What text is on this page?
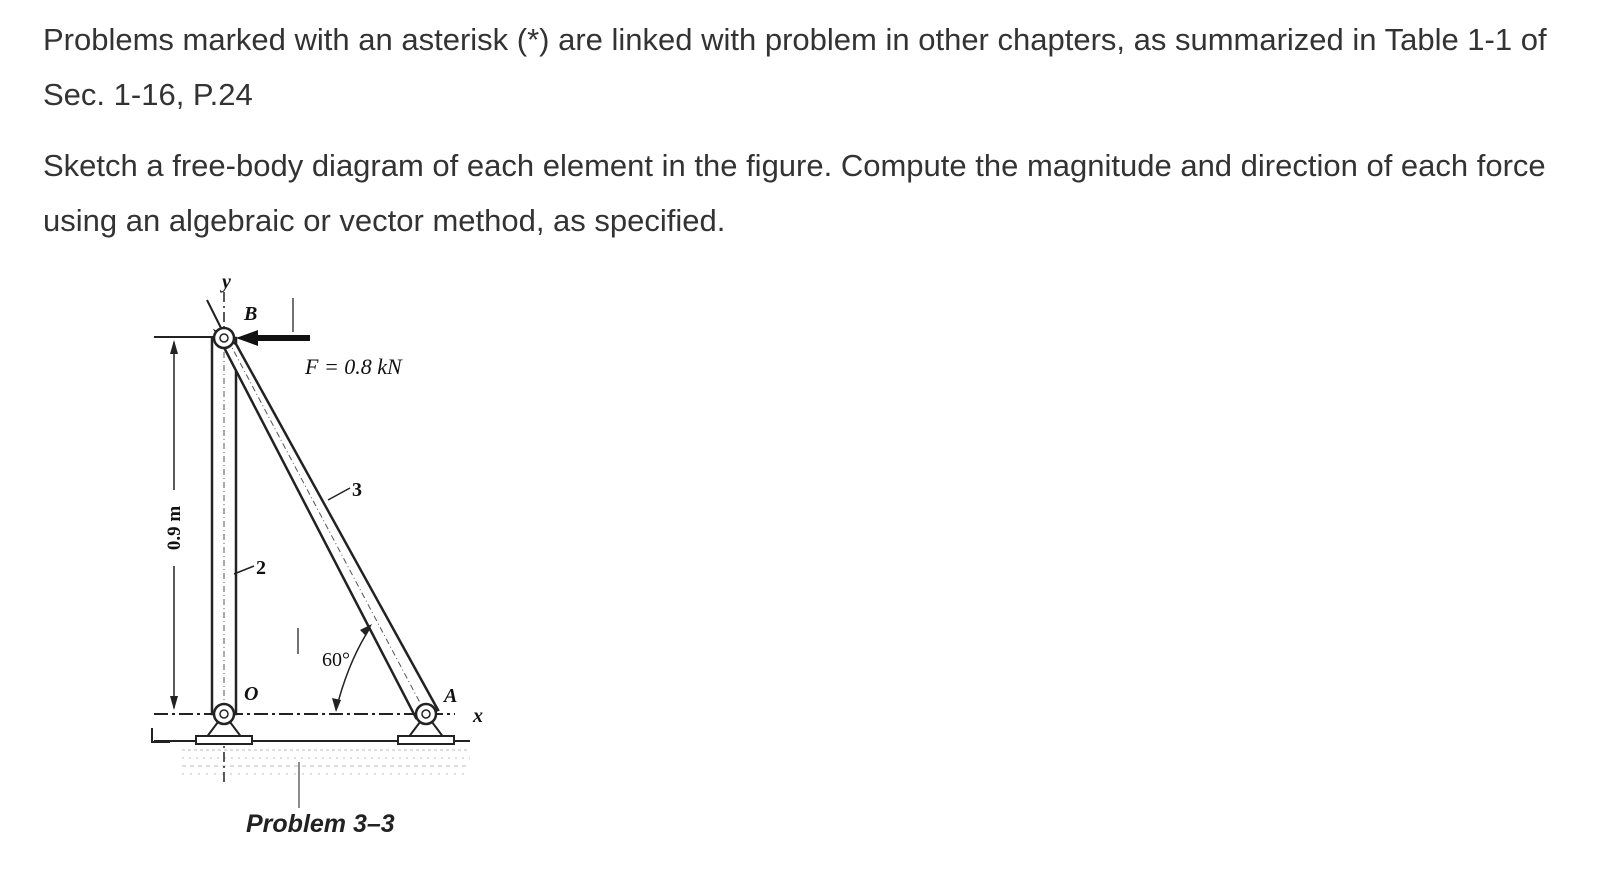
Problems marked with an asterisk (*) are linked with problem in other chapters, as summarized in Table 1-1 of Sec. 1-16, P.24

Sketch a free-body diagram of each element in the figure. Compute the magnitude and direction of each force using an algebraic or vector method, as specified.

0.9 m
y
B
F = 0.8 kN
2
3
60°
O	A
x
Problem 3–3
